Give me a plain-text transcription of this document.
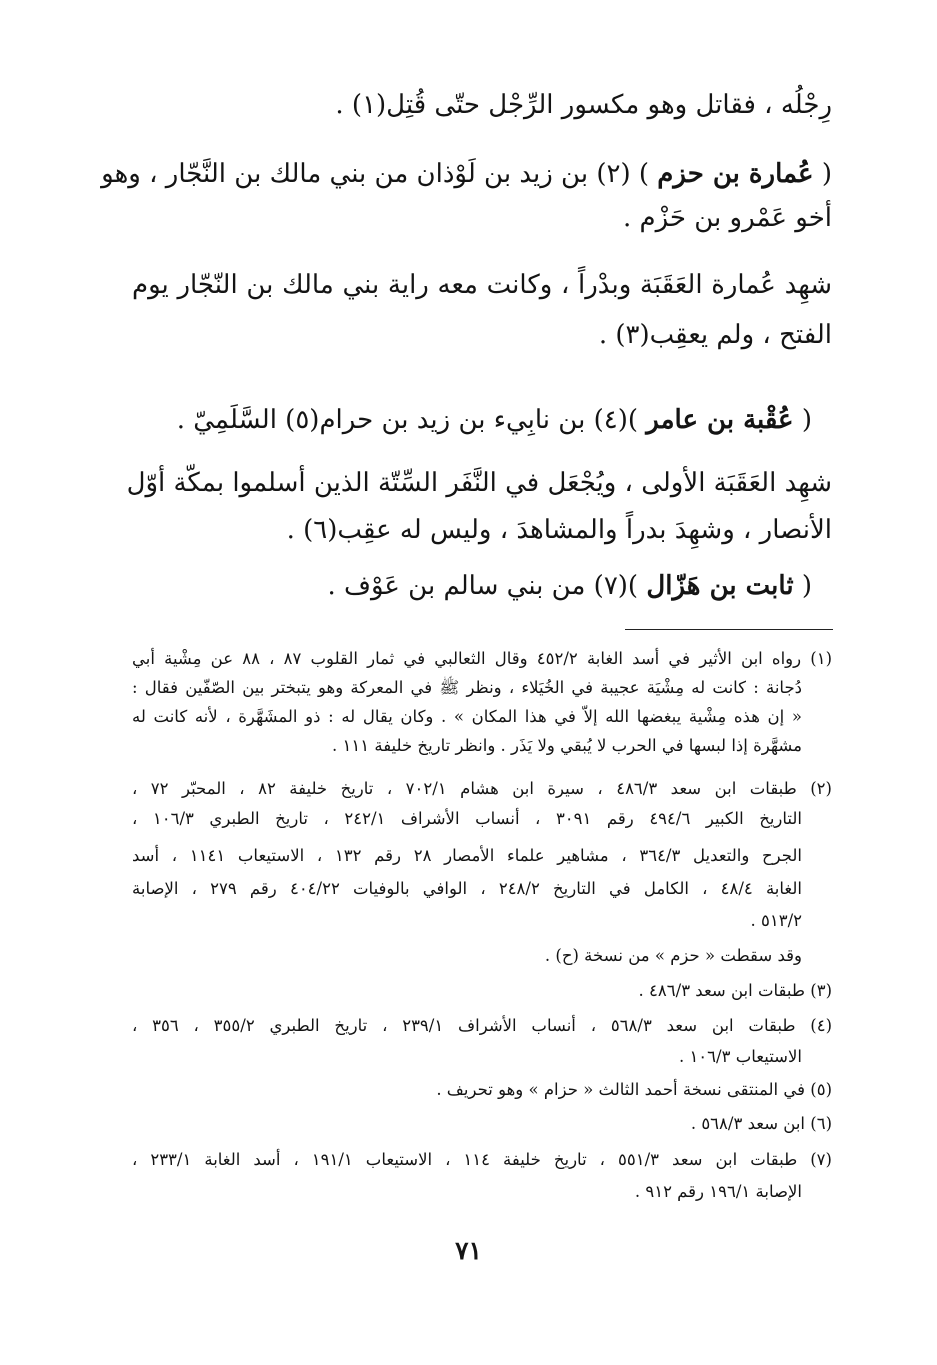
رِجْلُه ، فقاتل وهو مكسور الرِّجْل حتّى قُتِل(١) .
( عُمارة بن حزم ) (٢) بن زيد بن لَوْذان من بني مالك بن النَّجّار ، وهو
أخو عَمْرو بن حَزْم .
شهِد عُمارة العَقَبَة وبدْراً ، وكانت معه راية بني مالك بن النّجّار يوم
الفتح ، ولم يعقِب(٣) .
( عُقْبة بن عامر )(٤) بن نابِيء بن زيد بن حرام(٥) السَّلَمِيّ .
شهِد العَقَبَة الأولى ، ويُجْعَل في النَّفَر السِّتّة الذين أسلموا بمكّة أوّل
الأنصار ، وشهِدَ بدراً والمشاهدَ ، وليس له عقِب(٦) .
( ثابت بن هَزّال )(٧) من بني سالم بن عَوْف .
(١) رواه ابن الأثير في أسد الغابة ٤٥٢/٢ وقال الثعالبي في ثمار القلوب ٨٧ ، ٨٨ عن مِشْية أبي
دُجانة : كانت له مِشْيَة عجيبة في الخُيَلاء ، ونظر ﷺ في المعركة وهو يتبختر بين الصّفّين فقال :
« إن هذه مِشْية يبغضها الله إلاّ في هذا المكان » . وكان يقال له : ذو المشَهَّرة ، لأنه كانت له
مشهَّرة إذا لبسها في الحرب لا يُبقي ولا يَذَر . وانظر تاريخ خليفة ١١١ .
(٢) طبقات ابن سعد ٤٨٦/٣ ، سيرة ابن هشام ٧٠٢/١ ، تاريخ خليفة ٨٢ ، المحبّر ٧٢ ،
التاريخ الكبير ٤٩٤/٦ رقم ٣٠٩١ ، أنساب الأشراف ٢٤٢/١ ، تاريخ الطبري ١٠٦/٣ ،
الجرح والتعديل ٣٦٤/٣ ، مشاهير علماء الأمصار ٢٨ رقم ١٣٢ ، الاستيعاب ١١٤١ ، أسد
الغابة ٤٨/٤ ، الكامل في التاريخ ٢٤٨/٢ ، الوافي بالوفيات ٤٠٤/٢٢ رقم ٢٧٩ ، الإصابة
٥١٣/٢ .
وقد سقطت « حزم » من نسخة (ح) .
(٣) طبقات ابن سعد ٤٨٦/٣ .
(٤) طبقات ابن سعد ٥٦٨/٣ ، أنساب الأشراف ٢٣٩/١ ، تاريخ الطبري ٣٥٥/٢ ، ٣٥٦ ،
الاستيعاب ١٠٦/٣ .
(٥) في المنتقى نسخة أحمد الثالث « حزام » وهو تحريف .
(٦) ابن سعد ٥٦٨/٣ .
(٧) طبقات ابن سعد ٥٥١/٣ ، تاريخ خليفة ١١٤ ، الاستيعاب ١٩١/١ ، أسد الغابة ٢٣٣/١ ،
الإصابة ١٩٦/١ رقم ٩١٢ .
٧١
